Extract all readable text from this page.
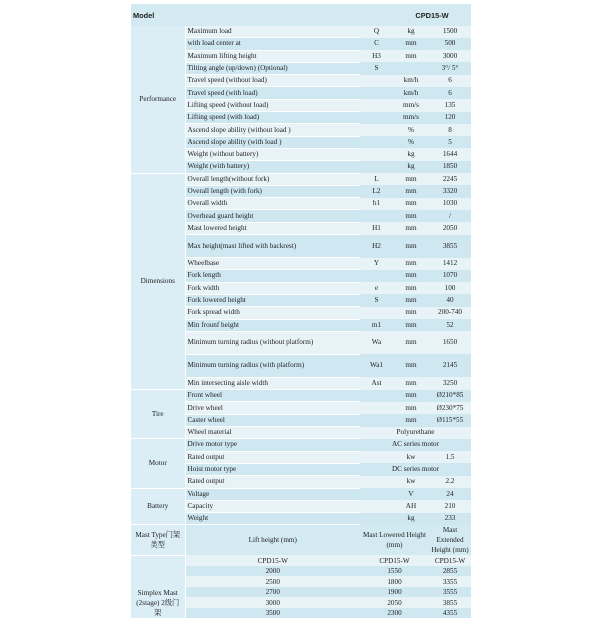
Model			CPD15-W	
Performance	Maximum load	Q	kg	1500
	with load center at	C	mm	500
	Maximum lifting height	H3	mm	3000
	Tilting angle (up/down) (Optional)	S		3°/ 5°
	Travel speed (without load)		km/h	6
	Travel speed (with load)		km/h	6
	Lifting speed (without load)		mm/s	135
	Lifting speed (with load)		mm/s	120
	Ascend slope ability (without load )		%	8
	Ascend slope ability (with load )		%	5
	Weight (without battery)		kg	1644
	Weight (with battery)		kg	1850
Dimensions	Overall length(without fork)	L	mm	2245
	Overall length (with fork)	L2	mm	3320
	Overall width	b1	mm	1030
	Overhead guard height		mm	/
	Mast lowered height	H1	mm	2050
	Max height(mast lifted with backrest)	H2	mm	3855
	Wheelbase	Y	mm	1412
	Fork length		mm	1070
	Fork width	e	mm	100
	Fork lowered height	S	mm	40
	Fork spread width		mm	200-740
	Min frounf height	m1	mm	52
	Minimum turning radius (without platform)	Wa	mm	1650
	Minimum turning radius (with platform)	Wa1	mm	2145
	Min intersecting aisle width	Ast	mm	3250
Tire	Front wheel		mm	Ø210*85
	Drive wheel		mm	Ø230*75
	Caster wheel		mm	Ø115*55
	Wheel material	Polyurethane		
Motor	Drive motor type	AC series motor		
	Rated output		kw	1.5
	Hoist motor type	DC series motor		
	Rated output		kw	2.2
Battery	Voltage		V	24
	Capacity		AH	210
	Weight		kg	233
Mast Type门架类型	Lift height (mm)	Mast Lowered Height (mm)	Mast Extended Height (mm)
Simplex Mast (2stage) 2级门架	CPD15-W	CPD15-W	CPD15-W
	2000	1550	2855
	2500	1800	3355
	2700	1900	3555
	3000	2050	3855
	3500	2300	4355
